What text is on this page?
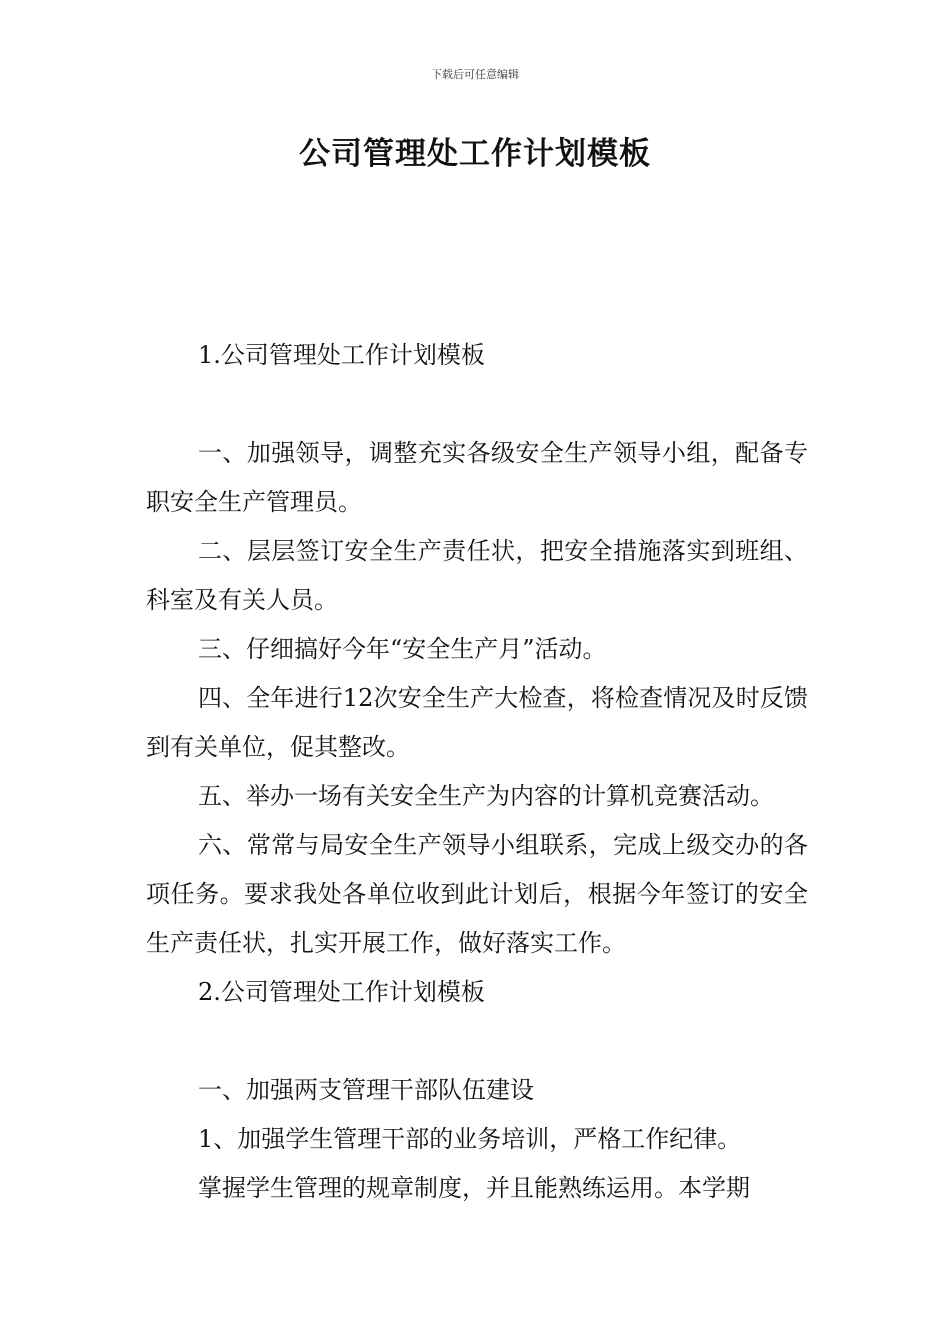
下载后可任意编辑
公司管理处工作计划模板

1.公司管理处工作计划模板

一、加强领导，调整充实各级安全生产领导小组，配备专职安全生产管理员。

二、层层签订安全生产责任状，把安全措施落实到班组、科室及有关人员。

三、仔细搞好今年“安全生产月”活动。

四、全年进行12次安全生产大检查，将检查情况及时反馈到有关单位，促其整改。

五、举办一场有关安全生产为内容的计算机竞赛活动。

六、常常与局安全生产领导小组联系，完成上级交办的各项任务。要求我处各单位收到此计划后，根据今年签订的安全生产责任状，扎实开展工作，做好落实工作。

2.公司管理处工作计划模板

一、加强两支管理干部队伍建设

1、加强学生管理干部的业务培训，严格工作纪律。

掌握学生管理的规章制度，并且能熟练运用。本学期
